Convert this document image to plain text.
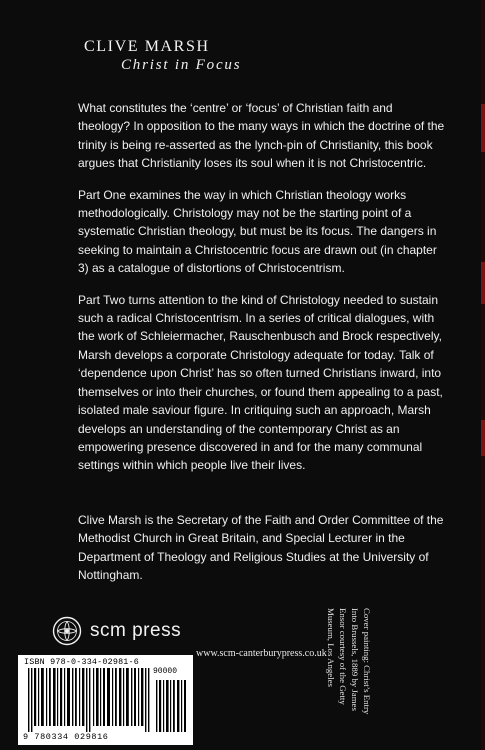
CLIVE MARSH

Christ in Focus

What constitutes the ‘centre’ or ‘focus’ of Christian faith and theology? In opposition to the many ways in which the doctrine of the trinity is being re-asserted as the lynch-pin of Christianity, this book argues that Christianity loses its soul when it is not Christocentric.

Part One examines the way in which Christian theology works methodologically. Christology may not be the starting point of a systematic Christian theology, but must be its focus. The dangers in seeking to maintain a Christocentric focus are drawn out (in chapter 3) as a catalogue of distortions of Christocentrism.

Part Two turns attention to the kind of Christology needed to sustain such a radical Christocentrism. In a series of critical dialogues, with the work of Schleiermacher, Rauschenbusch and Brock respectively, Marsh develops a corporate Christology adequate for today. Talk of ‘dependence upon Christ’ has so often turned Christians inward, into themselves or into their churches, or found them appealing to a past, isolated male saviour figure. In critiquing such an approach, Marsh develops an understanding of the contemporary Christ as an empowering presence discovered in and for the many communal settings within which people live their lives.

Clive Marsh is the Secretary of the Faith and Order Committee of the Methodist Church in Great Britain, and Special Lecturer in the Department of Theology and Religious Studies at the University of Nottingham.

scm press
www.scm-canterburypress.co.uk
ISBN 978-0-334-02981-6
90000
9 780334 029816
Cover painting: Christ’s Entry
Into Brussels, 1889 by James
Ensor courtesy of the Getty
Museum, Los Angeles
